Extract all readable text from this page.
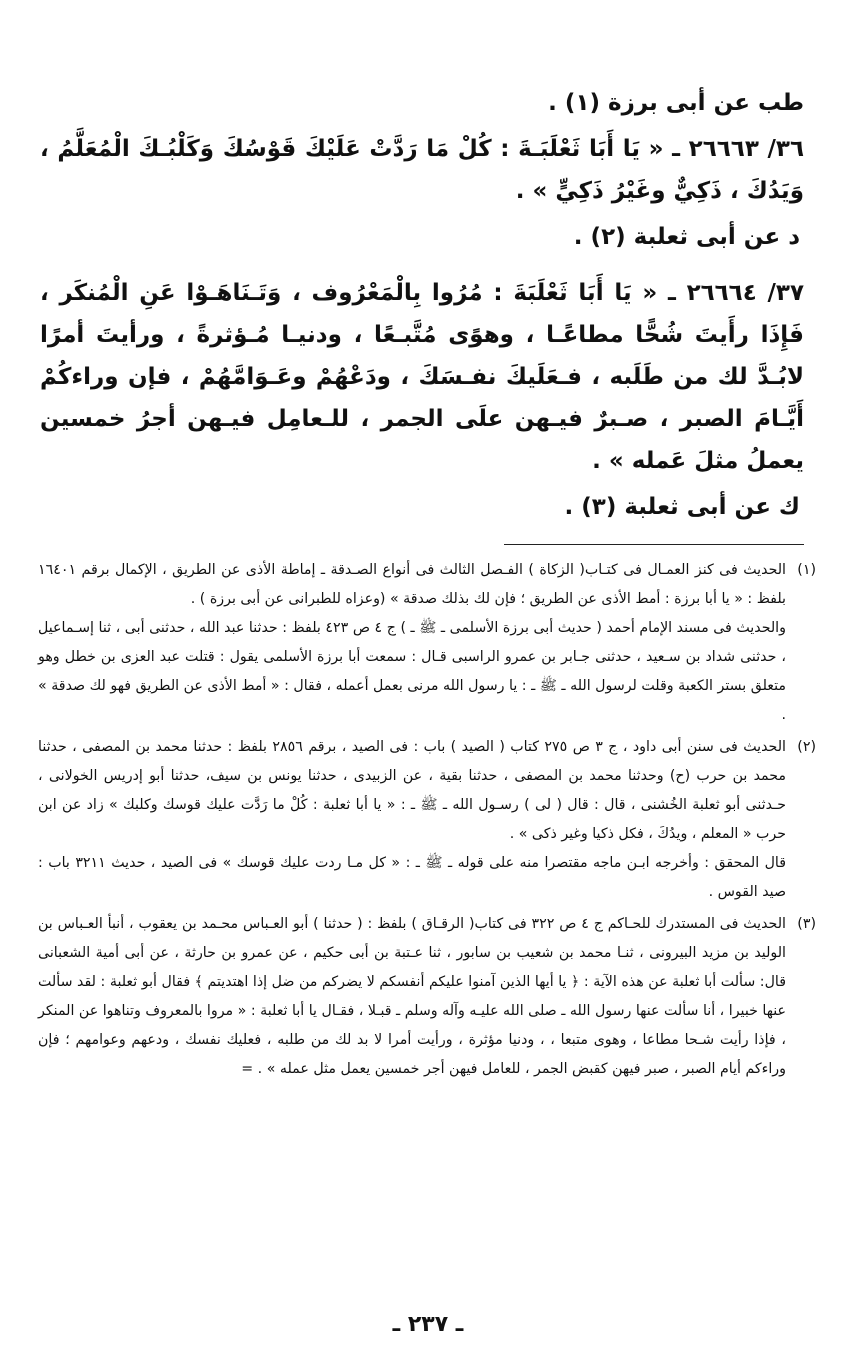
طب عن أبى برزة (١) .

٣٦/ ٢٦٦٦٣ ـ « يَا أَبَا ثَعْلَبَـةَ : كُلْ مَا رَدَّتْ عَلَيْكَ قَوْسُكَ وَكَلْبُـكَ الْمُعَلَّمُ ، وَيَدُكَ ، ذَكِيٌّ وغَيْرُ ذَكِيٍّ » .

د عن أبى ثعلبة (٢) .

٣٧/ ٢٦٦٦٤ ـ « يَا أَبَا ثَعْلَبَةَ : مُرُوا بِالْمَعْرُوف ، وَتَـنَاهَـوْا عَنِ الْمُنكَر ، فَإِذَا رأَيتَ شُحًّا مطاعًـا ، وهوًى مُتَّبـعًا ، ودنيـا مُـؤثرةً ، ورأيتَ أمرًا لابُـدَّ لك من طَلَبه ، فـعَلَيكَ نفـسَكَ ، ودَعْهُمْ وعَـوَامَّهُمْ ، فإن وراءكُمْ أَيَّـامَ الصبر ، صـبرٌ فيـهن علَى الجمر ، للـعامِل فيـهن أجرُ خمسين يعملُ مثلَ عَمله » .

ك عن أبى ثعلبة (٣) .

(١)

الحديث فى كنز العمـال فى كتـاب( الزكاة ) الفـصل الثالث فى أنواع الصـدقة ـ إماطة الأذى عن الطريق ، الإكمال برقم ١٦٤٠١ بلفظ : « يا أبا برزة : أمط الأذى عن الطريق ؛ فإن لك بذلك صدقة » (وعزاه للطبرانى عن أبى برزة ) .

والحديث فى مسند الإمام أحمد ( حديث أبى برزة الأسلمى ـ ﷺ ـ ) ج ٤ ص ٤٢٣ بلفظ : حدثنا عبد الله ، حدثنى أبى ، ثنا إسـماعيل ، حدثنى شداد بن سـعيد ، حدثنى جـابر بن عمرو الراسبى قـال : سمعت أبا برزة الأسلمى يقول : قتلت عبد العزى بن خطل وهو متعلق بستر الكعبة وقلت لرسول الله ـ ﷺ ـ : يا رسول الله مرنى بعمل أعمله ، فقال : « أمط الأذى عن الطريق فهو لك صدقة » .

(٢)

الحديث فى سنن أبى داود ، ج ٣ ص ٢٧٥ كتاب ( الصيد ) باب : فى الصيد ، برقم ٢٨٥٦ بلفظ : حدثنا محمد بن المصفى ، حدثنا محمد بن حرب (ح) وحدثنا محمد بن المصفى ، حدثنا بقية ، عن الزبيدى ، حدثنا يونس بن سيف، حدثنا أبو إدريس الخولانى ، حـدثنى أبو ثعلبة الخُشنى ، قال : قال ( لى ) رسـول الله ـ ﷺ ـ : « يا أبا ثعلبة : كُلْ ما رَدَّت عليك قوسك وكلبك » زاد عن ابن حرب « المعلم ، ويدُكَ ، فكل ذكيا وغير ذكى » .

قال المحقق : وأخرجه ابـن ماجه مقتصرا منه على قوله ـ ﷺ ـ : « كل مـا ردت عليك قوسك » فى الصيد ، حديث ٣٢١١ باب : صيد القوس .

(٣)

الحديث فى المستدرك للحـاكم ج ٤ ص ٣٢٢ فى كتاب( الرقـاق ) بلفظ : ( حدثنا ) أبو العـباس محـمد بن يعقوب ، أنبأ العـباس بن الوليد بن مزيد البيرونى ، ثنـا محمد بن شعيب بن سابور ، ثنا عـتبة بن أبى حكيم ، عن عمرو بن حارثة ، عن أبى أمية الشعبانى قال: سألت أبا ثعلبة عن هذه الآية : ﴿ يا أيها الذين آمنوا عليكم أنفسكم لا يضركم من ضل إذا اهتديتم ﴾ فقال أبو ثعلبة : لقد سألت عنها خبيرا ، أنا سألت عنها رسول الله ـ صلى الله عليـه وآله وسلم ـ قبـلا ، فقـال يا أبا ثعلبة : « مروا بالمعروف وتناهوا عن المنكر ، فإذا رأيت شـحا مطاعا ، وهوى متبعا ، ، ودنيا مؤثرة ، ورأيت أمرا لا بد لك من طلبه ، فعليك نفسك ، ودعهم وعوامهم ؛ فإن وراءكم أيام الصبر ، صبر فيهن كقبض الجمر ، للعامل فيهن أجر خمسين يعمل مثل عمله » . =

ـ ٢٣٧ ـ
